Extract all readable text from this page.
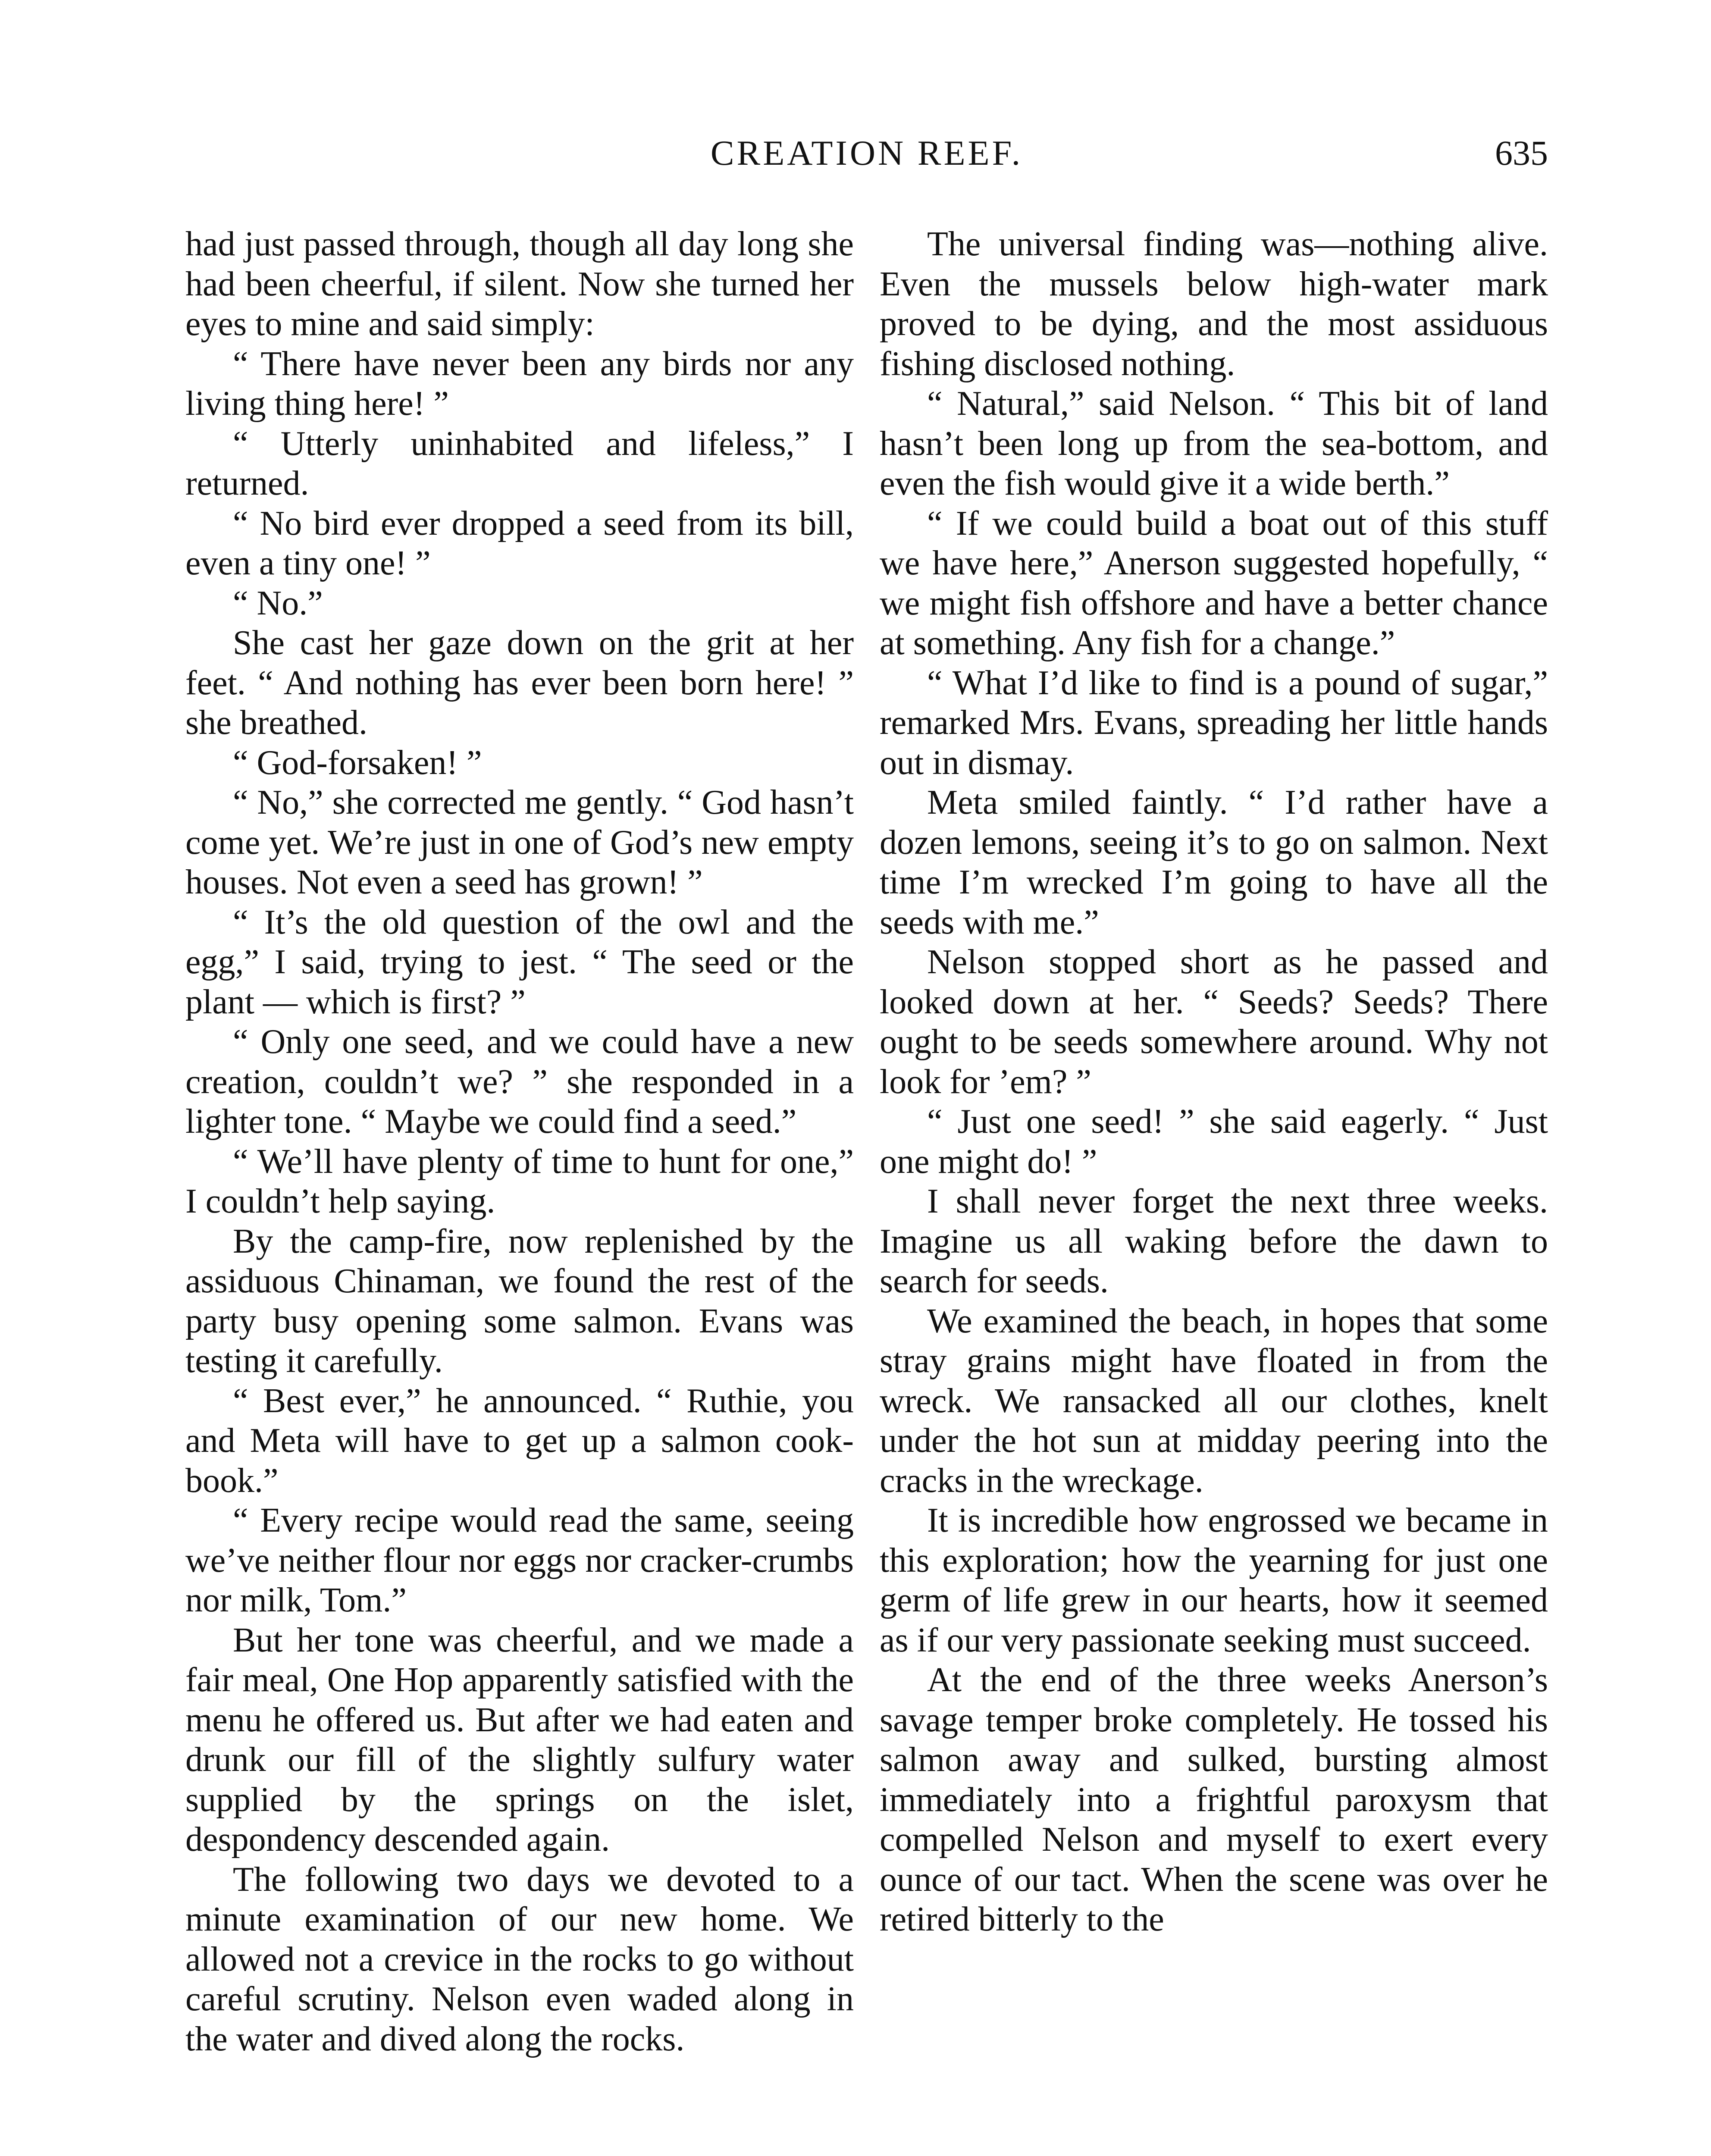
CREATION REEF.	635

had just passed through, though all day long she had been cheerful, if silent. Now she turned her eyes to mine and said simply:

“ There have never been any birds nor any living thing here! ”

“ Utterly uninhabited and lifeless,” I returned.

“ No bird ever dropped a seed from its bill, even a tiny one! ”

“ No.”

She cast her gaze down on the grit at her feet. “ And nothing has ever been born here! ” she breathed.

“ God-forsaken! ”

“ No,” she corrected me gently. “ God hasn’t come yet. We’re just in one of God’s new empty houses. Not even a seed has grown! ”

“ It’s the old question of the owl and the egg,” I said, trying to jest. “ The seed or the plant — which is first? ”

“ Only one seed, and we could have a new creation, couldn’t we? ” she responded in a lighter tone. “ Maybe we could find a seed.”

“ We’ll have plenty of time to hunt for one,” I couldn’t help saying.

By the camp-fire, now replenished by the assiduous Chinaman, we found the rest of the party busy opening some salmon. Evans was testing it carefully.

“ Best ever,” he announced. “ Ruthie, you and Meta will have to get up a salmon cook-book.”

“ Every recipe would read the same, seeing we’ve neither flour nor eggs nor cracker-crumbs nor milk, Tom.”

But her tone was cheerful, and we made a fair meal, One Hop apparently satisfied with the menu he offered us. But after we had eaten and drunk our fill of the slightly sulfury water supplied by the springs on the islet, despondency descended again.

The following two days we devoted to a minute examination of our new home. We allowed not a crevice in the rocks to go without careful scrutiny. Nelson even waded along in the water and dived along the rocks.

The universal finding was—nothing alive. Even the mussels below high-water mark proved to be dying, and the most assiduous fishing disclosed nothing.

“ Natural,” said Nelson. “ This bit of land hasn’t been long up from the sea-bottom, and even the fish would give it a wide berth.”

“ If we could build a boat out of this stuff we have here,” Anerson suggested hopefully, “ we might fish offshore and have a better chance at something. Any fish for a change.”

“ What I’d like to find is a pound of sugar,” remarked Mrs. Evans, spreading her little hands out in dismay.

Meta smiled faintly. “ I’d rather have a dozen lemons, seeing it’s to go on salmon. Next time I’m wrecked I’m going to have all the seeds with me.”

Nelson stopped short as he passed and looked down at her. “ Seeds? Seeds? There ought to be seeds somewhere around. Why not look for ’em? ”

“ Just one seed! ” she said eagerly. “ Just one might do! ”

I shall never forget the next three weeks. Imagine us all waking before the dawn to search for seeds.

We examined the beach, in hopes that some stray grains might have floated in from the wreck. We ransacked all our clothes, knelt under the hot sun at midday peering into the cracks in the wreckage.

It is incredible how engrossed we became in this exploration; how the yearning for just one germ of life grew in our hearts, how it seemed as if our very passionate seeking must succeed.

At the end of the three weeks Anerson’s savage temper broke completely. He tossed his salmon away and sulked, bursting almost immediately into a frightful paroxysm that compelled Nelson and myself to exert every ounce of our tact. When the scene was over he retired bitterly to the
